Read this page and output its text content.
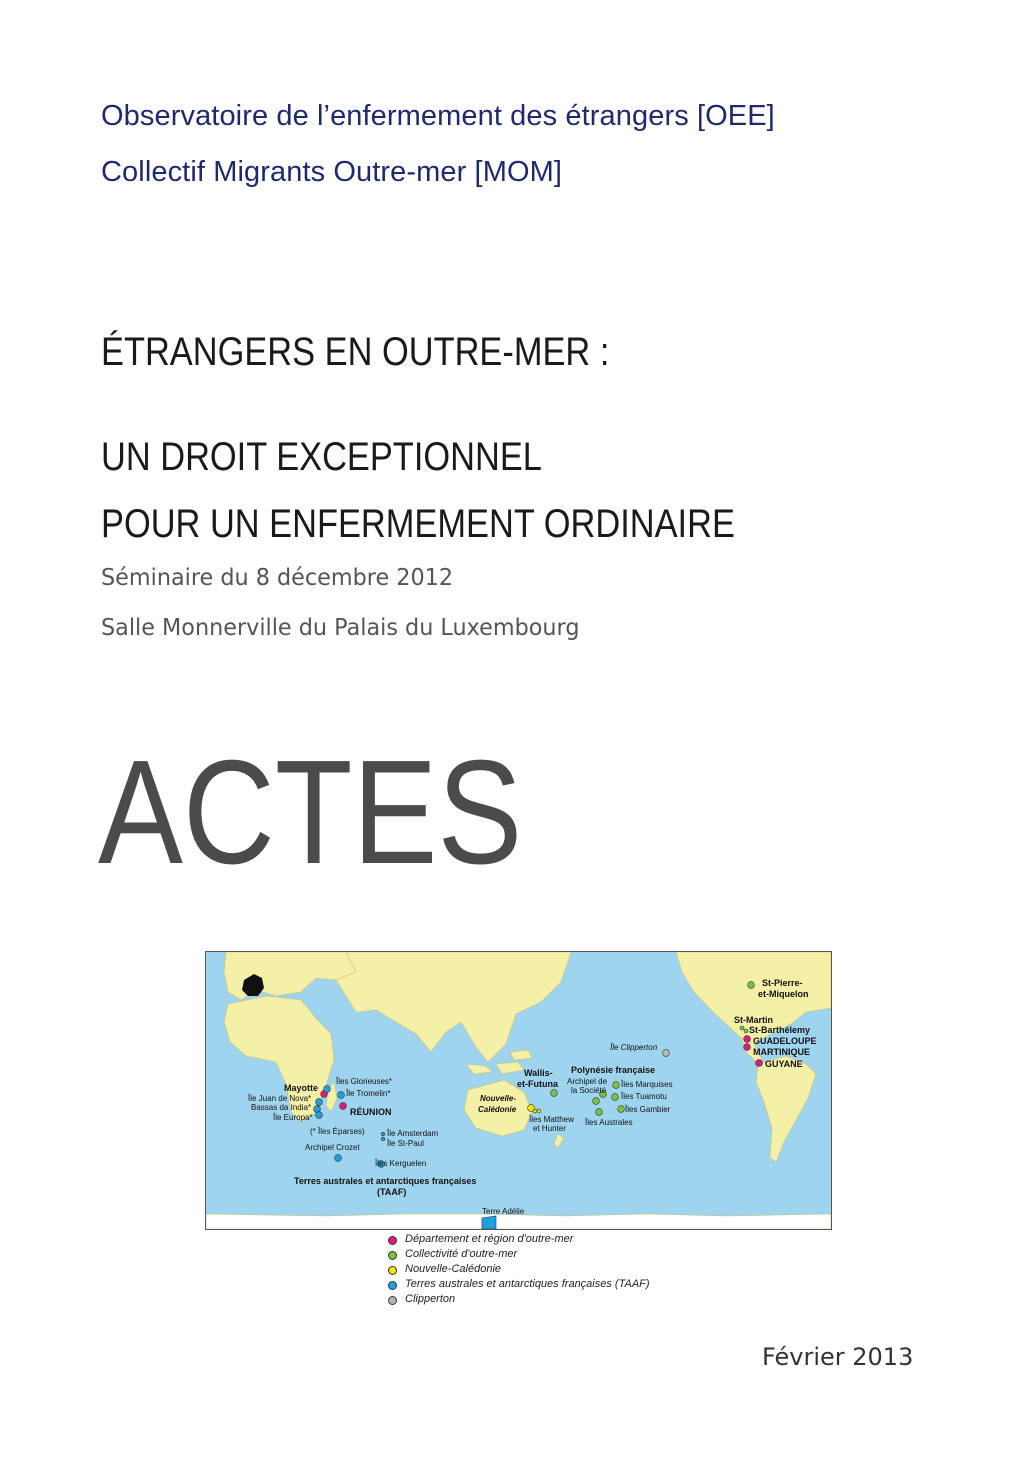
Observatoire de l’enfermement des étrangers [OEE]
Collectif Migrants Outre-mer [MOM]
ÉTRANGERS EN OUTRE-MER :
UN DROIT EXCEPTIONNEL
POUR UN ENFERMEMENT ORDINAIRE
Séminaire du 8 décembre 2012
Salle Monnerville du Palais du Luxembourg
ACTES
St-Pierre-
et-Miquelon
St-Martin
St-Barthélemy
GUADELOUPE
MARTINIQUE
GUYANE
Île Clipperton
Polynésie française
Archipel de
la Société
Îles Marquises
Îles Tuamotu
Îles Gambier
Îles Australes
Wallis-
et-Futuna
Nouvelle-
Calédonie
Îles Matthew
et Hunter
Mayotte
Îles Glorieuses*
Île Tromelin*
Île Juan de Nova*
Bassas da India*
Île Europa*
RÉUNION
(* Îles Éparses)	Île Amsterdam
Île St-Paul
Archipel Crozet
Îles Kerguelen
Terres australes et antarctiques françaises
(TAAF)
Terre Adélie
Département et région d'outre-mer
Collectivité d'outre-mer
Nouvelle-Calédonie
Terres australes et antarctiques françaises (TAAF)
Clipperton
Février 2013
